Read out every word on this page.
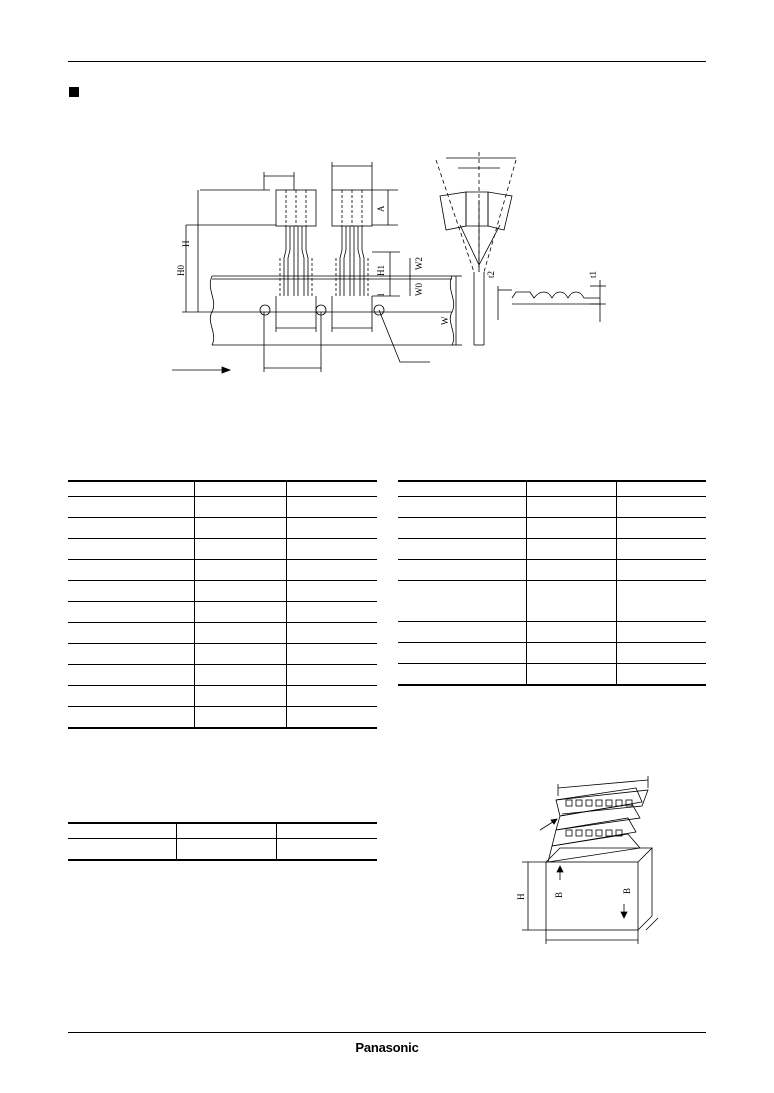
H
H0
A
H1
l
W2
W0
W
t2	t1

H	B
B
Panasonic
